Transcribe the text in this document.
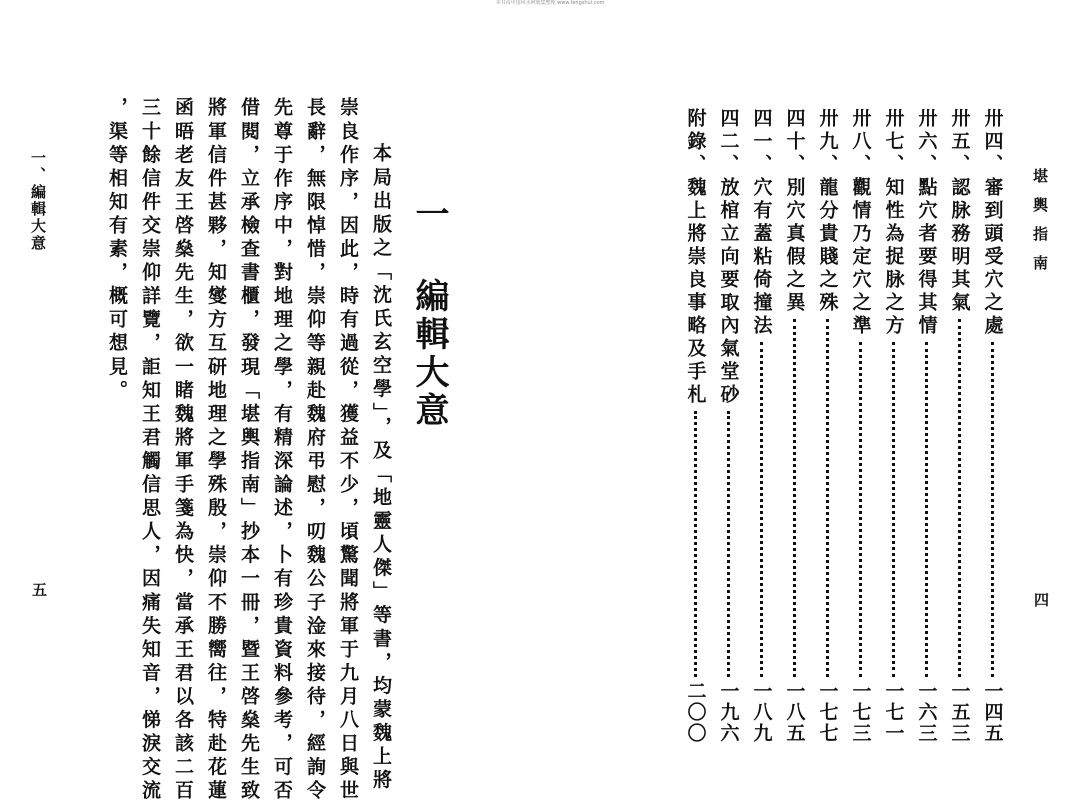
本书由中国风水网收集整理 www.fengshui.com
一、編輯大意
五
一 編輯大意
本局出版之「沈氏玄空學」，及「地靈人傑」等書，均蒙魏上將
崇良作序，因此，時有過從，獲益不少，頃驚聞將軍于九月八日與世
長辭，無限悼惜，崇仰等親赴魏府弔慰，叨魏公子淦來接待，經詢令
先尊于作序中，對地理之學，有精深論述，卜有珍貴資料參考，可否
借閱，立承檢查書櫃，發現「堪輿指南」抄本一冊，暨王啓燊先生致
將軍信件甚夥，知燮方互研地理之學殊殷，崇仰不勝嚮往，特赴花蓮
函晤老友王啓燊先生，欲一睹魏將軍手箋為快，當承王君以各該二百
三十餘信件交崇仰詳覽，詎知王君觸信思人，因痛失知音，悌淚交流
，渠等相知有素，概可想見。	堪輿指南
四
卅四、審到頭受穴之處
一四五
卅五、認脉務明其氣
一五三
卅六、點穴者要得其情
一六三
卅七、知性為捉脉之方
一七一
卅八、觀情乃定穴之準
一七三
卅九、龍分貴賤之殊
一七七
四十、別穴真假之異
一八五
四一、穴有蓋粘倚撞法
一八九
四二、放棺立向要取內氣堂砂
一九六
附錄、魏上將崇良事略及手札
二〇〇
